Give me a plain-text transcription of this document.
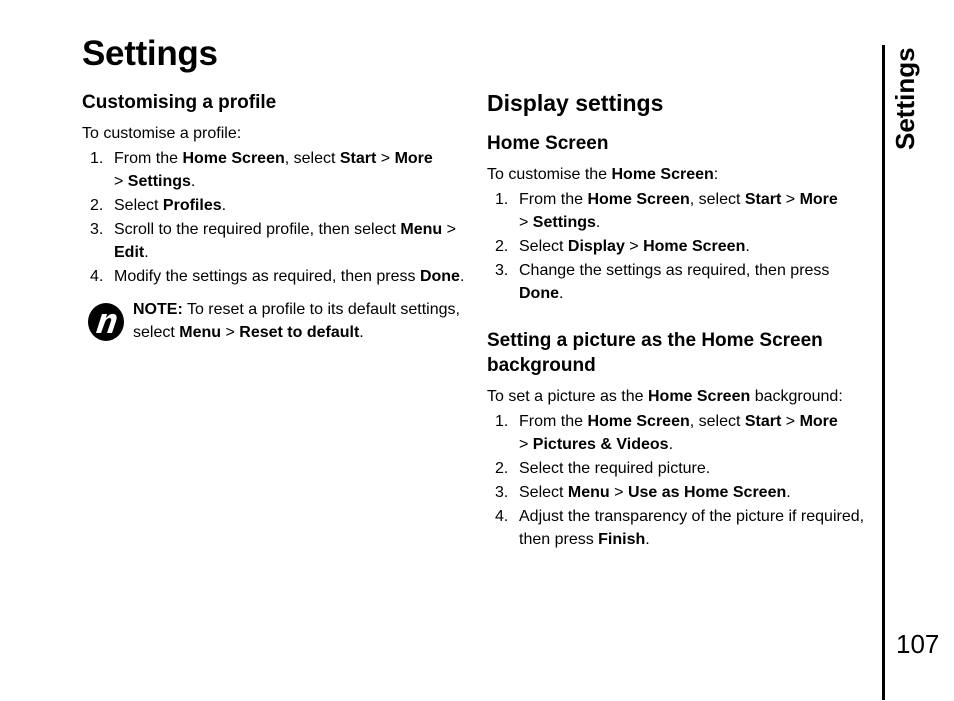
Settings
Customising a profile

To customise a profile:

1. From the Home Screen, select Start > More
> Settings.
2. Select Profiles.
3. Scroll to the required profile, then select Menu > Edit.
4. Modify the settings as required, then press Done.
NOTE: To reset a profile to its default settings, select Menu > Reset to default.
Display settings
Home Screen

To customise the Home Screen:

1. From the Home Screen, select Start > More
> Settings.
2. Select Display > Home Screen.
3. Change the settings as required, then press Done.
Setting a picture as the Home Screen background

To set a picture as the Home Screen background:

1. From the Home Screen, select Start > More
> Pictures & Videos.
2. Select the required picture.
3. Select Menu > Use as Home Screen.
4. Adjust the transparency of the picture if required, then press Finish.
Settings
107
